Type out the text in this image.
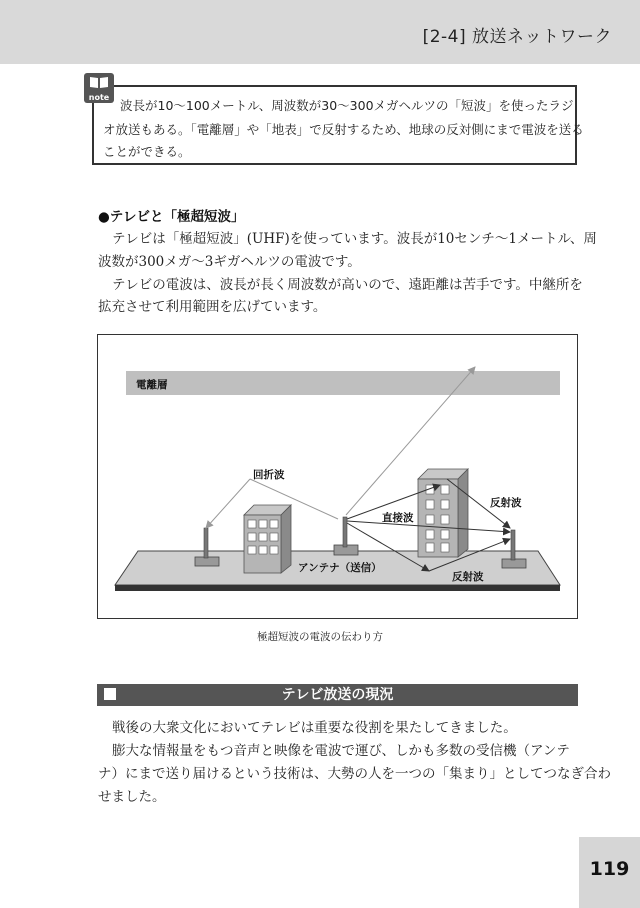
[2-4] 放送ネットワーク
note
波長が10〜100メートル、周波数が30〜300メガヘルツの「短波」を使ったラジ
オ放送もある。「電離層」や「地表」で反射するため、地球の反対側にまで電波を送る
ことができる。
●テレビと「極超短波」
テレビは「極超短波」(UHF)を使っています。波長が10センチ〜1メートル、周
波数が300メガ〜3ギガヘルツの電波です。
テレビの電波は、波長が長く周波数が高いので、遠距離は苦手です。中継所を
拡充させて利用範囲を広げています。
電離層
回折波
直接波
反射波
反射波
アンテナ（送信）
極超短波の電波の伝わり方
テレビ放送の現況
戦後の大衆文化においてテレビは重要な役割を果たしてきました。
膨大な情報量をもつ音声と映像を電波で運び、しかも多数の受信機（アンテ
ナ）にまで送り届けるという技術は、大勢の人を一つの「集まり」としてつなぎ合わ
せました。
119
